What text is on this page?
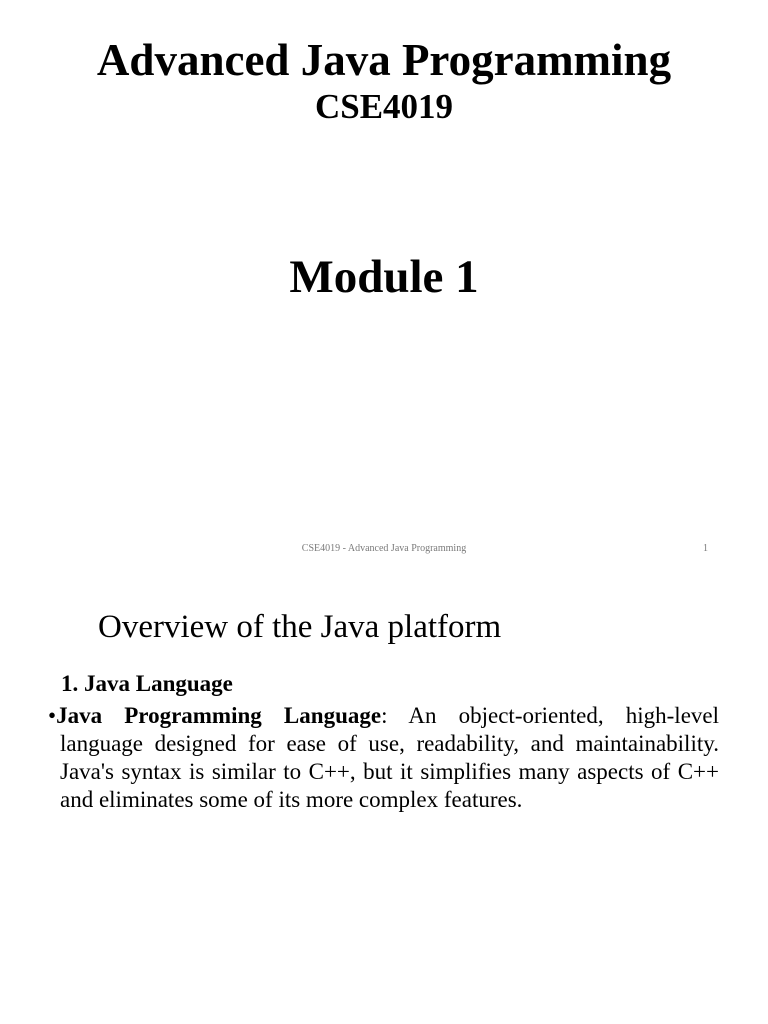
Advanced Java Programming
CSE4019
Module 1

CSE4019 - Advanced Java Programming	1
Overview of the Java platform
1. Java Language

•Java Programming Language: An object-oriented, high-level language designed for ease of use, readability, and maintainability. Java's syntax is similar to C++, but it simplifies many aspects of C++ and eliminates some of its more complex features.
